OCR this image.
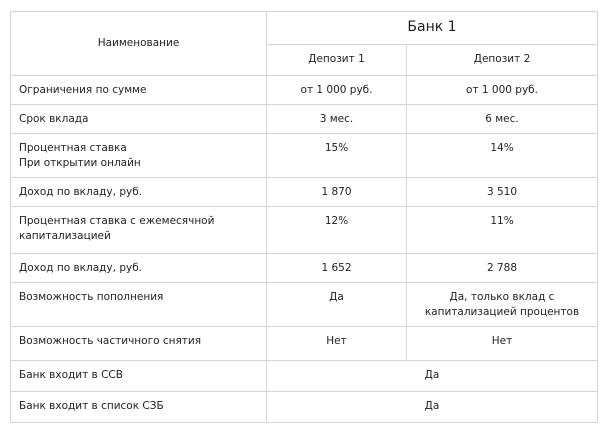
Наименование	Банк 1	
	Депозит 1	Депозит 2
Ограничения по сумме	от 1 000 руб.	от 1 000 руб.
Срок вклада	3 мес.	6 мес.

Процентная ставка
При открытии онлайн	15%	14%
Доход по вкладу, руб.	1 870	3 510

Процентная ставка с ежемесячной
капитализацией	12%	11%
Доход по вкладу, руб.	1 652	2 788
Возможность пополнения	Да	Да, только вклад с
капитализацией процентов

Возможность частичного снятия	Нет	Нет
Банк входит в ССВ	Да	
Банк входит в список СЗБ	Да	
